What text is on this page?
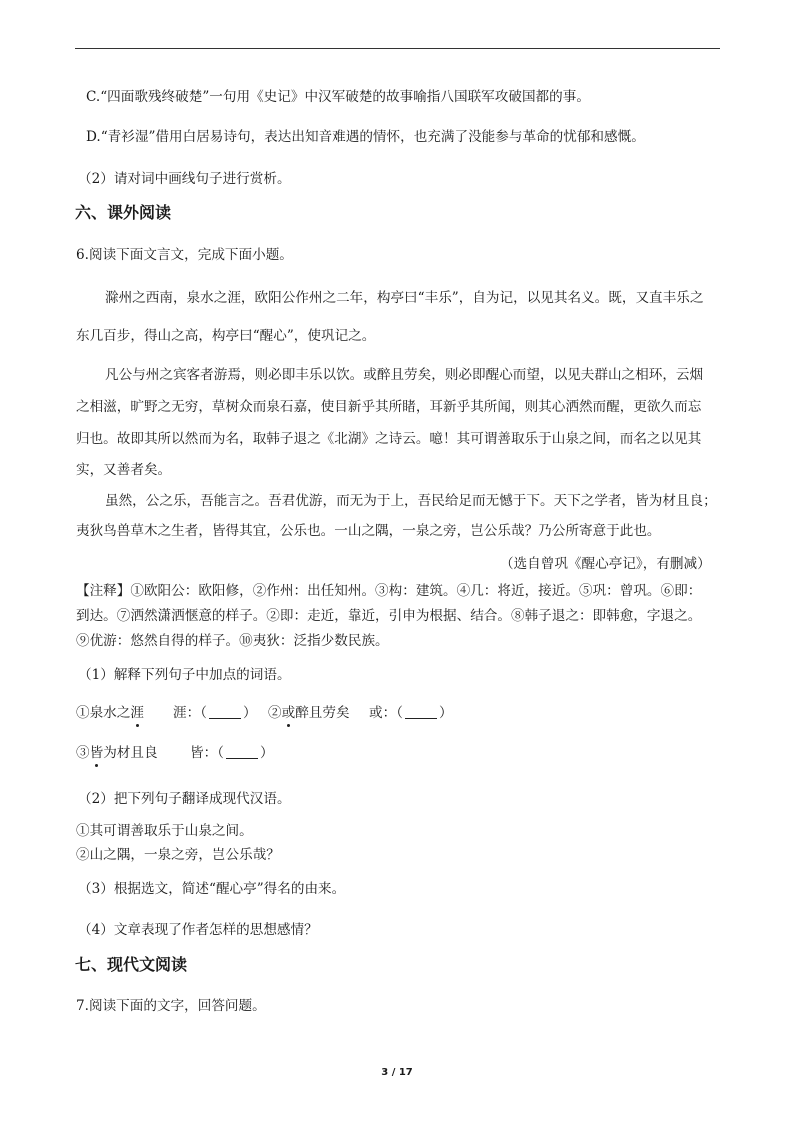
C.“四面歌残终破楚”一句用《史记》中汉军破楚的故事喻指八国联军攻破国都的事。
D.“青衫湿”借用白居易诗句，表达出知音难遇的情怀，也充满了没能参与革命的忧郁和感慨。
（2）请对词中画线句子进行赏析。
六、课外阅读
6.阅读下面文言文，完成下面小题。
滁州之西南，泉水之涯，欧阳公作州之二年，构亭曰“丰乐”，自为记，以见其名义。既，又直丰乐之
东几百步，得山之高，构亭曰“醒心”，使巩记之。
凡公与州之宾客者游焉，则必即丰乐以饮。或醉且劳矣，则必即醒心而望，以见夫群山之相环，云烟
之相滋，旷野之无穷，草树众而泉石嘉，使目新乎其所睹，耳新乎其所闻，则其心洒然而醒，更欲久而忘
归也。故即其所以然而为名，取韩子退之《北湖》之诗云。噫！其可谓善取乐于山泉之间，而名之以见其
实，又善者矣。
虽然，公之乐，吾能言之。吾君优游，而无为于上，吾民给足而无憾于下。天下之学者，皆为材且良；
夷狄鸟兽草木之生者，皆得其宜，公乐也。一山之隅，一泉之旁，岂公乐哉？乃公所寄意于此也。
（选自曾巩《醒心亭记》，有删减）
【注释】①欧阳公：欧阳修，②作州：出任知州。③构：建筑。④几：将近，接近。⑤巩：曾巩。⑥即：
到达。⑦洒然潇洒惬意的样子。②即：走近，靠近，引申为根据、结合。⑧韩子退之：即韩愈，字退之。
⑨优游：悠然自得的样子。⑩夷狄：泛指少数民族。
（1）解释下列句子中加点的词语。
①泉水之涯 涯：（	） ②或醉且劳矣 或：（	）
③皆为材且良 皆：（	）
（2）把下列句子翻译成现代汉语。
①其可谓善取乐于山泉之间。
②山之隅，一泉之旁，岂公乐哉？
（3）根据选文，简述“醒心亭”得名的由来。
（4）文章表现了作者怎样的思想感情？
七、现代文阅读
7.阅读下面的文字，回答问题。
3 / 17
